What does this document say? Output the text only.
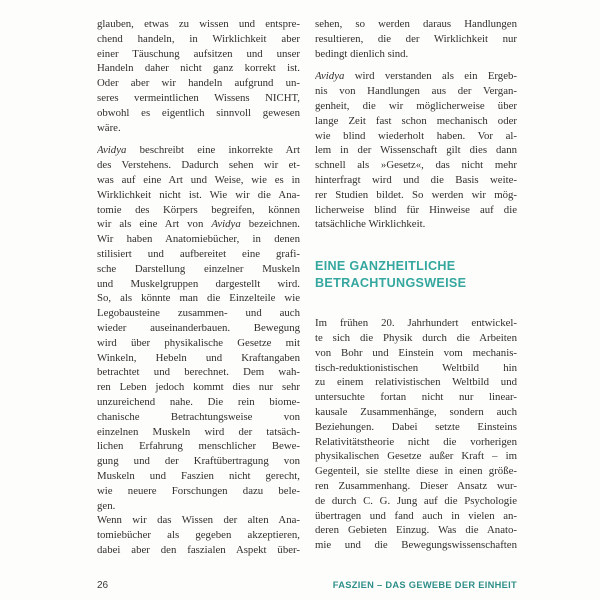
glauben, etwas zu wissen und entspre-
chend handeln, in Wirklichkeit aber
einer Täuschung aufsitzen und unser
Handeln daher nicht ganz korrekt ist.
Oder aber wir handeln aufgrund un-
seres vermeintlichen Wissens NICHT,
obwohl es eigentlich sinnvoll gewesen
wäre.
Avidya beschreibt eine inkorrekte Art
des Verstehens. Dadurch sehen wir et-
was auf eine Art und Weise, wie es in
Wirklichkeit nicht ist. Wie wir die Ana-
tomie des Körpers begreifen, können
wir als eine Art von Avidya bezeichnen.
Wir haben Anatomiebücher, in denen
stilisiert und aufbereitet eine grafi-
sche Darstellung einzelner Muskeln
und Muskelgruppen dargestellt wird.
So, als könnte man die Einzelteile wie
Legobausteine zusammen- und auch
wieder auseinanderbauen. Bewegung
wird über physikalische Gesetze mit
Winkeln, Hebeln und Kraftangaben
betrachtet und berechnet. Dem wah-
ren Leben jedoch kommt dies nur sehr
unzureichend nahe. Die rein biome-
chanische Betrachtungsweise von
einzelnen Muskeln wird der tatsäch-
lichen Erfahrung menschlicher Bewe-
gung und der Kraftübertragung von
Muskeln und Faszien nicht gerecht,
wie neuere Forschungen dazu bele-
gen.
Wenn wir das Wissen der alten Ana-
tomiebücher als gegeben akzeptieren,
dabei aber den faszialen Aspekt über-
sehen, so werden daraus Handlungen
resultieren, die der Wirklichkeit nur
bedingt dienlich sind.
Avidya wird verstanden als ein Ergeb-
nis von Handlungen aus der Vergan-
genheit, die wir möglicherweise über
lange Zeit fast schon mechanisch oder
wie blind wiederholt haben. Vor al-
lem in der Wissenschaft gilt dies dann
schnell als »Gesetz«, das nicht mehr
hinterfragt wird und die Basis weite-
rer Studien bildet. So werden wir mög-
licherweise blind für Hinweise auf die
tatsächliche Wirklichkeit.
EINE GANZHEITLICHE
BETRACHTUNGSWEISE
Im frühen 20. Jahrhundert entwickel-
te sich die Physik durch die Arbeiten
von Bohr und Einstein vom mechanis-
tisch-reduktionistischen Weltbild hin
zu einem relativistischen Weltbild und
untersuchte fortan nicht nur linear-
kausale Zusammenhänge, sondern auch
Beziehungen. Dabei setzte Einsteins
Relativitätstheorie nicht die vorherigen
physikalischen Gesetze außer Kraft – im
Gegenteil, sie stellte diese in einen größe-
ren Zusammenhang. Dieser Ansatz wur-
de durch C. G. Jung auf die Psychologie
übertragen und fand auch in vielen an-
deren Gebieten Einzug. Was die Anato-
mie und die Bewegungswissenschaften
26	FASZIEN – DAS GEWEBE DER EINHEIT
